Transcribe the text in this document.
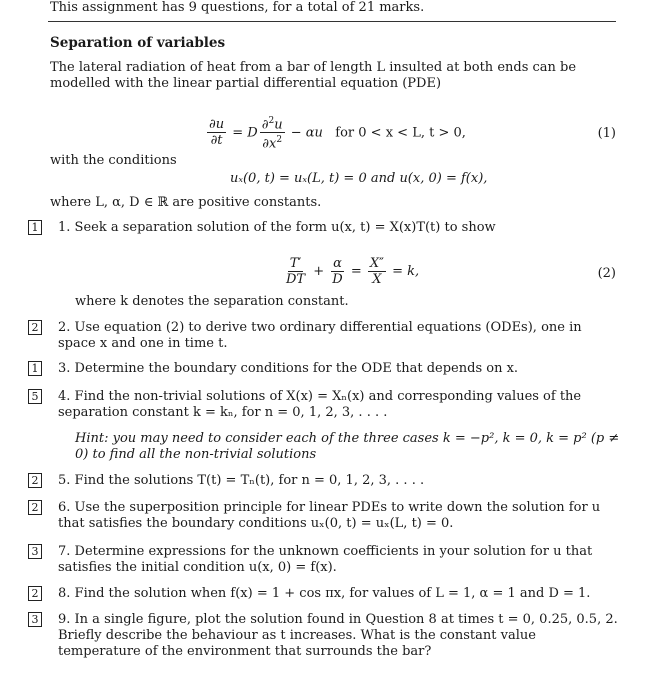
This assignment has 9 questions, for a total of 21 marks.
Separation of variables
The lateral radiation of heat from a bar of length L insulted at both ends can be modelled with the linear partial differential equation (PDE)
$\frac{\partial u}{\partial t} = D \frac{\partial^2u}{\partial x^2} - \alpha u$ for 0 < x < L, t > 0,	(1)
with the conditions
uₓ(0, t) = uₓ(L, t) = 0 and u(x, 0) = f(x),
where L, α, D ∈ ℝ are positive constants.
1 1. Seek a separation solution of the form u(x, t) = X(x)T(t) to show
$\frac{T'}{DT} + \frac{\alpha}{D} = \frac{X''}{X} = k$,	(2)
where k denotes the separation constant.
2 2. Use equation (2) to derive two ordinary differential equations (ODEs), one in space x and one in time t.
1 3. Determine the boundary conditions for the ODE that depends on x.
5 4. Find the non-trivial solutions of X(x) = Xₙ(x) and corresponding values of the separation constant k = kₙ, for n = 0, 1, 2, 3, . . . .
Hint: you may need to consider each of the three cases k = −p², k = 0, k = p² (p ≠ 0) to find all the non-trivial solutions
2 5. Find the solutions T(t) = Tₙ(t), for n = 0, 1, 2, 3, . . . .
2 6. Use the superposition principle for linear PDEs to write down the solution for u that satisfies the boundary conditions uₓ(0, t) = uₓ(L, t) = 0.
3 7. Determine expressions for the unknown coefficients in your solution for u that satisfies the initial condition u(x, 0) = f(x).
2 8. Find the solution when f(x) = 1 + cos πx, for values of L = 1, α = 1 and D = 1.
3 9. In a single figure, plot the solution found in Question 8 at times t = 0, 0.25, 0.5, 2. Briefly describe the behaviour as t increases. What is the constant value temperature of the environment that surrounds the bar?
